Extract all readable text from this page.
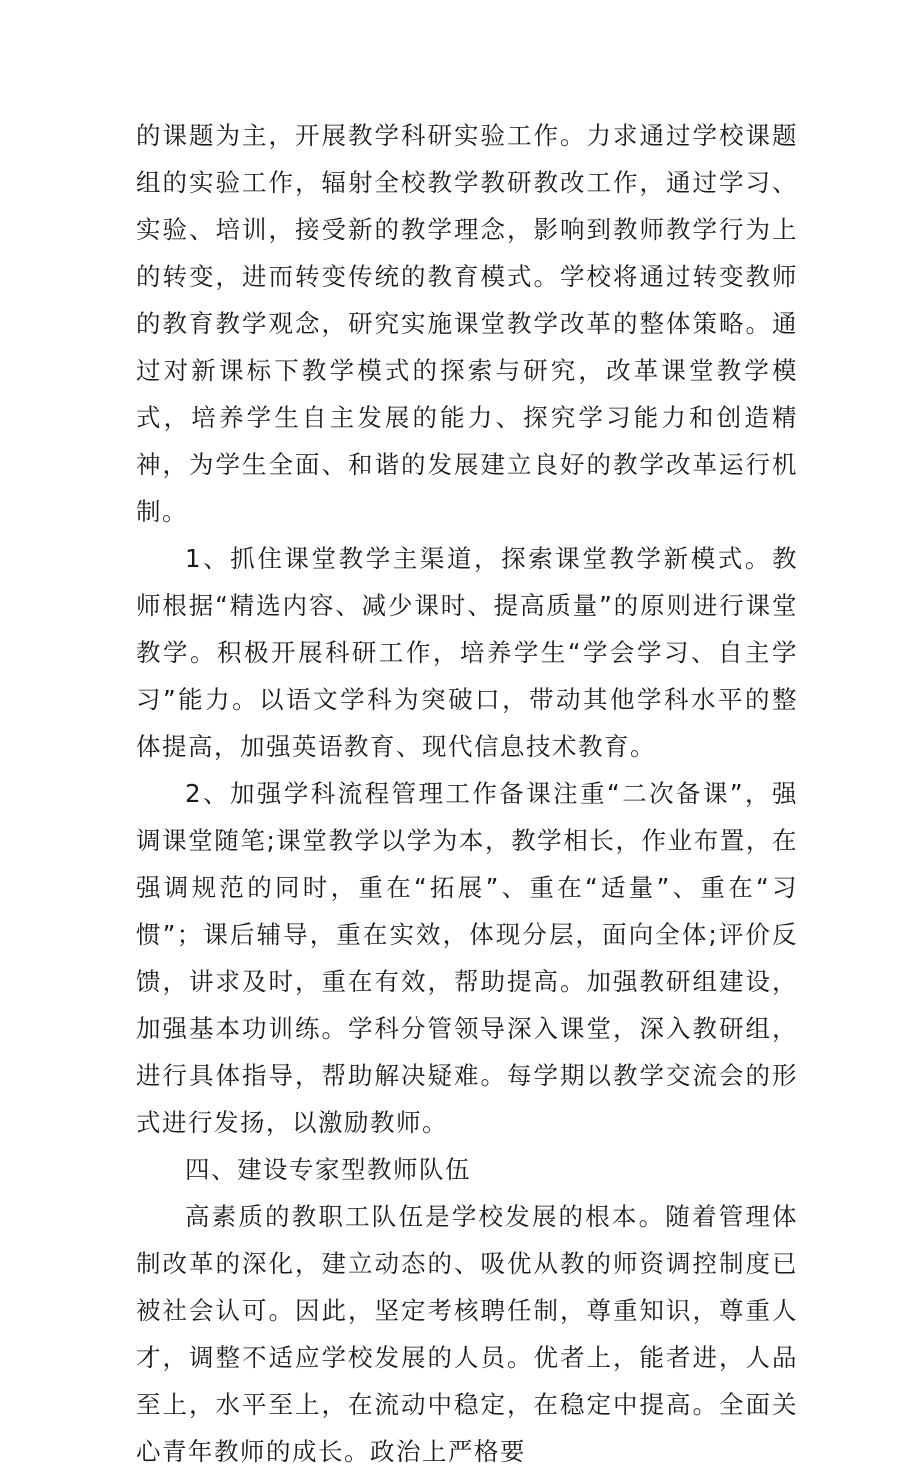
的课题为主，开展教学科研实验工作。力求通过学校课题组的实验工作，辐射全校教学教研教改工作，通过学习、实验、培训，接受新的教学理念，影响到教师教学行为上的转变，进而转变传统的教育模式。学校将通过转变教师的教育教学观念，研究实施课堂教学改革的整体策略。通过对新课标下教学模式的探索与研究，改革课堂教学模式，培养学生自主发展的能力、探究学习能力和创造精神，为学生全面、和谐的发展建立良好的教学改革运行机制。

1、抓住课堂教学主渠道，探索课堂教学新模式。教师根据“精选内容、减少课时、提高质量”的原则进行课堂教学。积极开展科研工作，培养学生“学会学习、自主学习”能力。以语文学科为突破口，带动其他学科水平的整体提高，加强英语教育、现代信息技术教育。

2、加强学科流程管理工作备课注重“二次备课”，强调课堂随笔;课堂教学以学为本，教学相长，作业布置，在强调规范的同时，重在“拓展”、重在“适量”、重在“习惯”；课后辅导，重在实效，体现分层，面向全体;评价反馈，讲求及时，重在有效，帮助提高。加强教研组建设，加强基本功训练。学科分管领导深入课堂，深入教研组，进行具体指导，帮助解决疑难。每学期以教学交流会的形式进行发扬，以激励教师。

四、建设专家型教师队伍

高素质的教职工队伍是学校发展的根本。随着管理体制改革的深化，建立动态的、吸优从教的师资调控制度已被社会认可。因此，坚定考核聘任制，尊重知识，尊重人才，调整不适应学校发展的人员。优者上，能者进，人品至上，水平至上，在流动中稳定，在稳定中提高。全面关心青年教师的成长。政治上严格要
